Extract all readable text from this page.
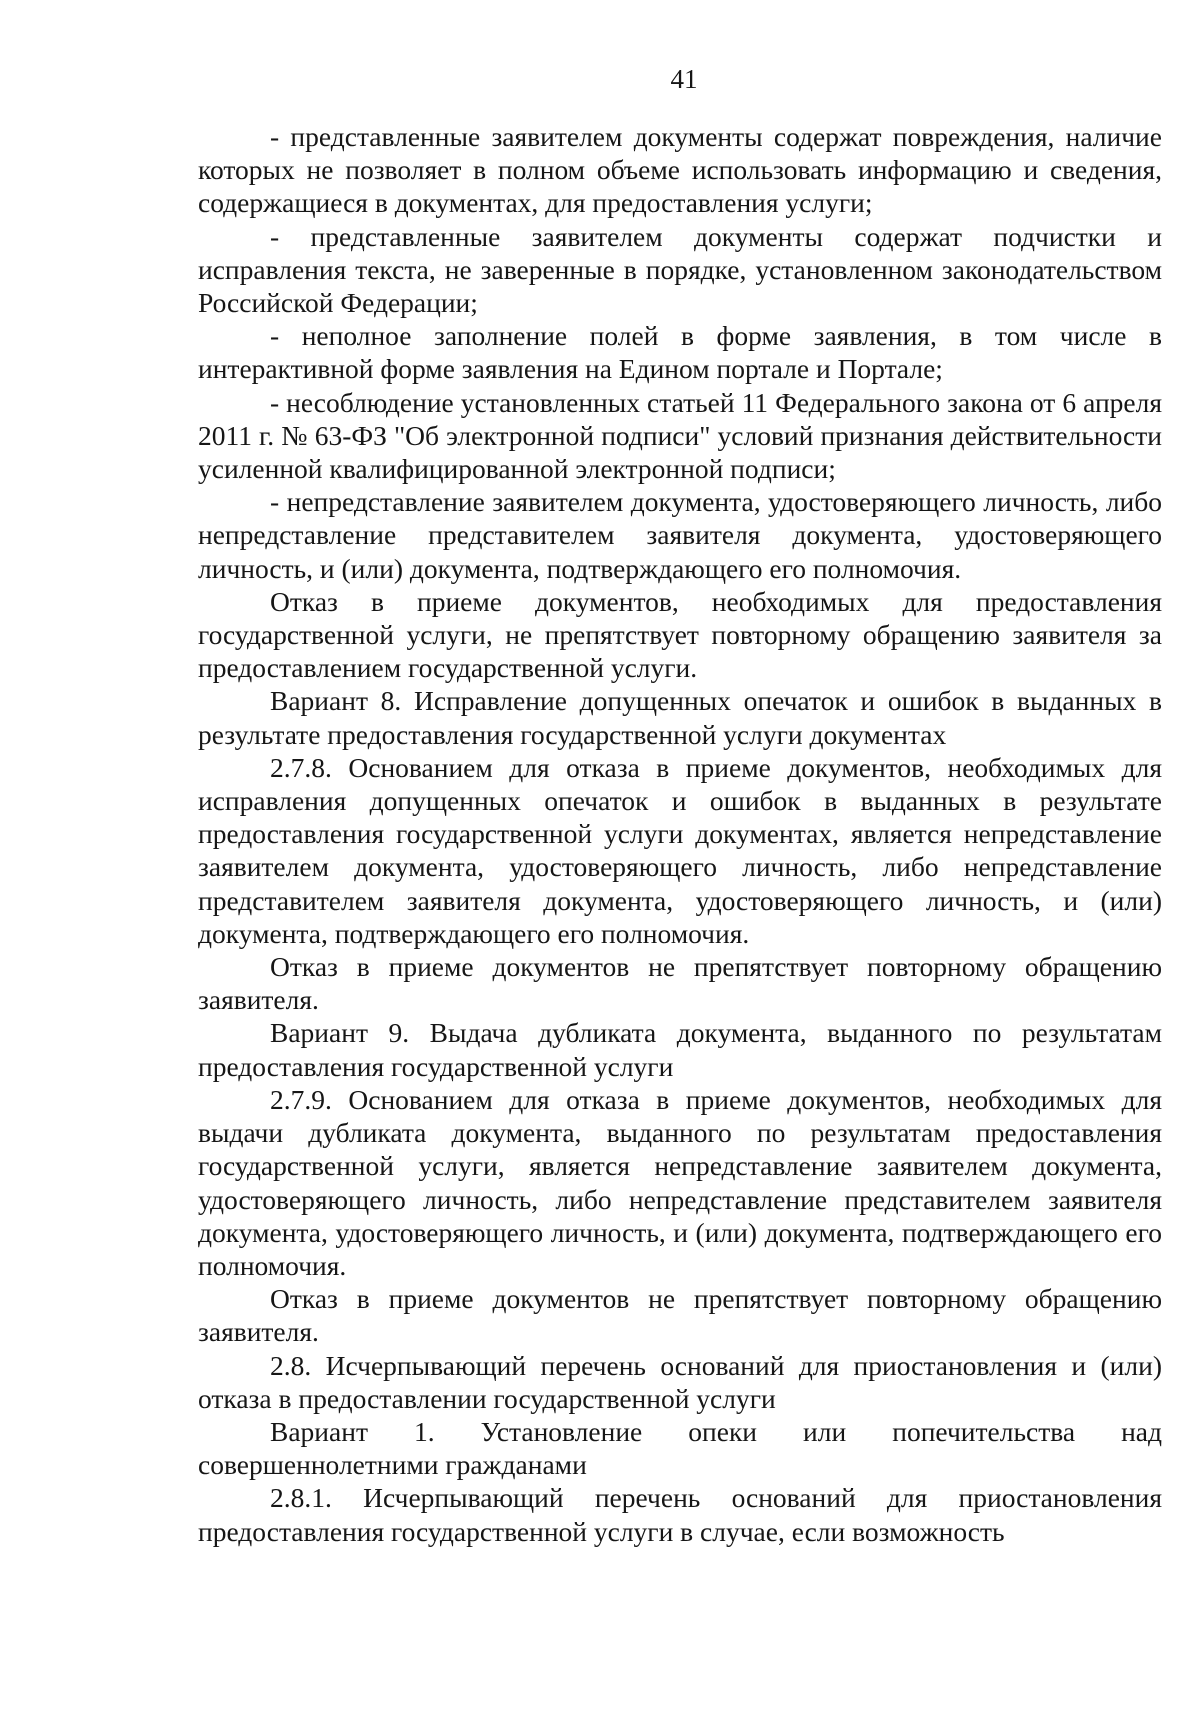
41

- представленные заявителем документы содержат повреждения, наличие которых не позволяет в полном объеме использовать информацию и сведения, содержащиеся в документах, для предоставления услуги;

- представленные заявителем документы содержат подчистки и исправления текста, не заверенные в порядке, установленном законодательством Российской Федерации;

- неполное заполнение полей в форме заявления, в том числе в интерактивной форме заявления на Едином портале и Портале;

- несоблюдение установленных статьей 11 Федерального закона от 6 апреля 2011 г. № 63-ФЗ "Об электронной подписи" условий признания действительности усиленной квалифицированной электронной подписи;

- непредставление заявителем документа, удостоверяющего личность, либо непредставление представителем заявителя документа, удостоверяющего личность, и (или) документа, подтверждающего его полномочия.

Отказ в приеме документов, необходимых для предоставления государственной услуги, не препятствует повторному обращению заявителя за предоставлением государственной услуги.

Вариант 8. Исправление допущенных опечаток и ошибок в выданных в результате предоставления государственной услуги документах

2.7.8. Основанием для отказа в приеме документов, необходимых для исправления допущенных опечаток и ошибок в выданных в результате предоставления государственной услуги документах, является непредставление заявителем документа, удостоверяющего личность, либо непредставление представителем заявителя документа, удостоверяющего личность, и (или) документа, подтверждающего его полномочия.

Отказ в приеме документов не препятствует повторному обращению заявителя.

Вариант 9. Выдача дубликата документа, выданного по результатам предоставления государственной услуги

2.7.9. Основанием для отказа в приеме документов, необходимых для выдачи дубликата документа, выданного по результатам предоставления государственной услуги, является непредставление заявителем документа, удостоверяющего личность, либо непредставление представителем заявителя документа, удостоверяющего личность, и (или) документа, подтверждающего его полномочия.

Отказ в приеме документов не препятствует повторному обращению заявителя.

2.8. Исчерпывающий перечень оснований для приостановления и (или) отказа в предоставлении государственной услуги

Вариант 1. Установление опеки или попечительства над совершеннолетними гражданами

2.8.1. Исчерпывающий перечень оснований для приостановления предоставления государственной услуги в случае, если возможность
